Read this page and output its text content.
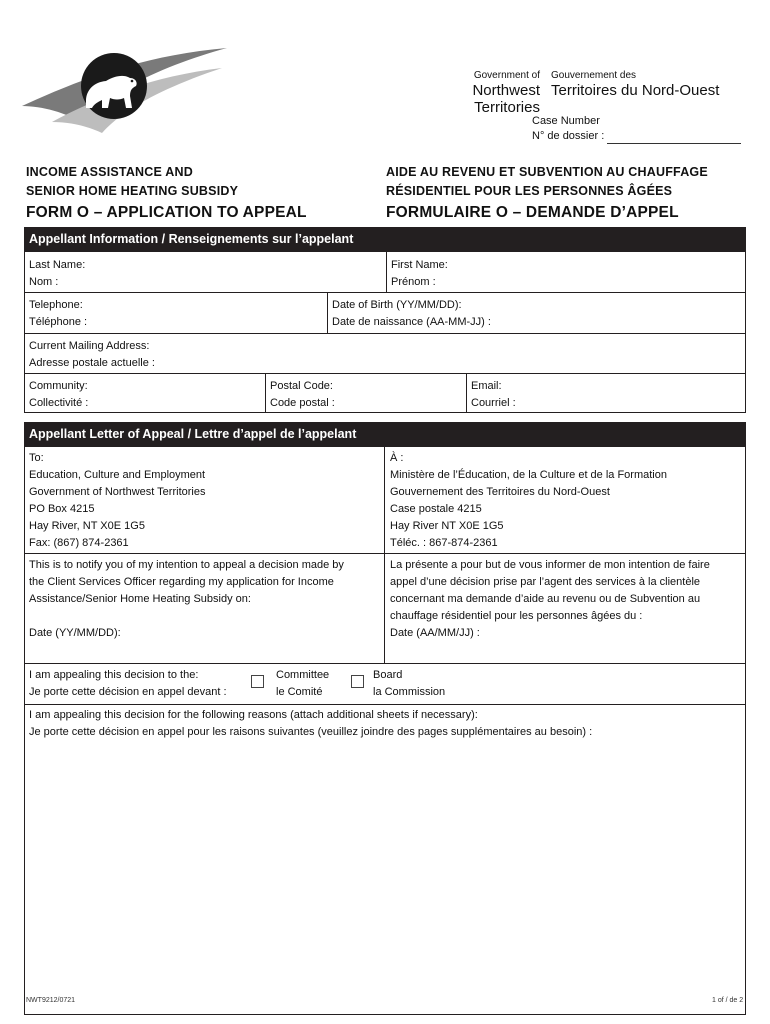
Government of
Northwest Territories
Gouvernement des
Territoires du Nord-Ouest
Case Number
N° de dossier :
INCOME ASSISTANCE AND
SENIOR HOME HEATING SUBSIDY
FORM O – APPLICATION TO APPEAL
AIDE AU REVENU ET SUBVENTION AU CHAUFFAGE
RÉSIDENTIEL POUR LES PERSONNES ÂGÉES
FORMULAIRE O – DEMANDE D’APPEL
Appellant Information / Renseignements sur l’appelant
Last Name:
Nom :
First Name:
Prénom :
Telephone:
Téléphone :
Date of Birth (YY/MM/DD):
Date de naissance (AA-MM-JJ) :
Current Mailing Address:
Adresse postale actuelle :
Community:
Collectivité :
Postal Code:
Code postal :
Email:
Courriel :
Appellant Letter of Appeal / Lettre d’appel de l’appelant
To:
Education, Culture and Employment
Government of Northwest Territories
PO Box 4215
Hay River, NT X0E 1G5
Fax: (867) 874-2361
À :
Ministère de l’Éducation, de la Culture et de la Formation
Gouvernement des Territoires du Nord-Ouest
Case postale 4215
Hay River NT X0E 1G5
Téléc. : 867-874-2361
This is to notify you of my intention to appeal a decision made by
the Client Services Officer regarding my application for Income
Assistance/Senior Home Heating Subsidy on:
Date (YY/MM/DD):
La présente a pour but de vous informer de mon intention de faire
appel d’une décision prise par l’agent des services à la clientèle
concernant ma demande d’aide au revenu ou de Subvention au
chauffage résidentiel pour les personnes âgées du :
Date (AA/MM/JJ) :
I am appealing this decision to the:
Je porte cette décision en appel devant :
Committee
le Comité
Board
la Commission
I am appealing this decision for the following reasons (attach additional sheets if necessary):
Je porte cette décision en appel pour les raisons suivantes (veuillez joindre des pages supplémentaires au besoin) :
NWT9212/0721	1 of / de 2
